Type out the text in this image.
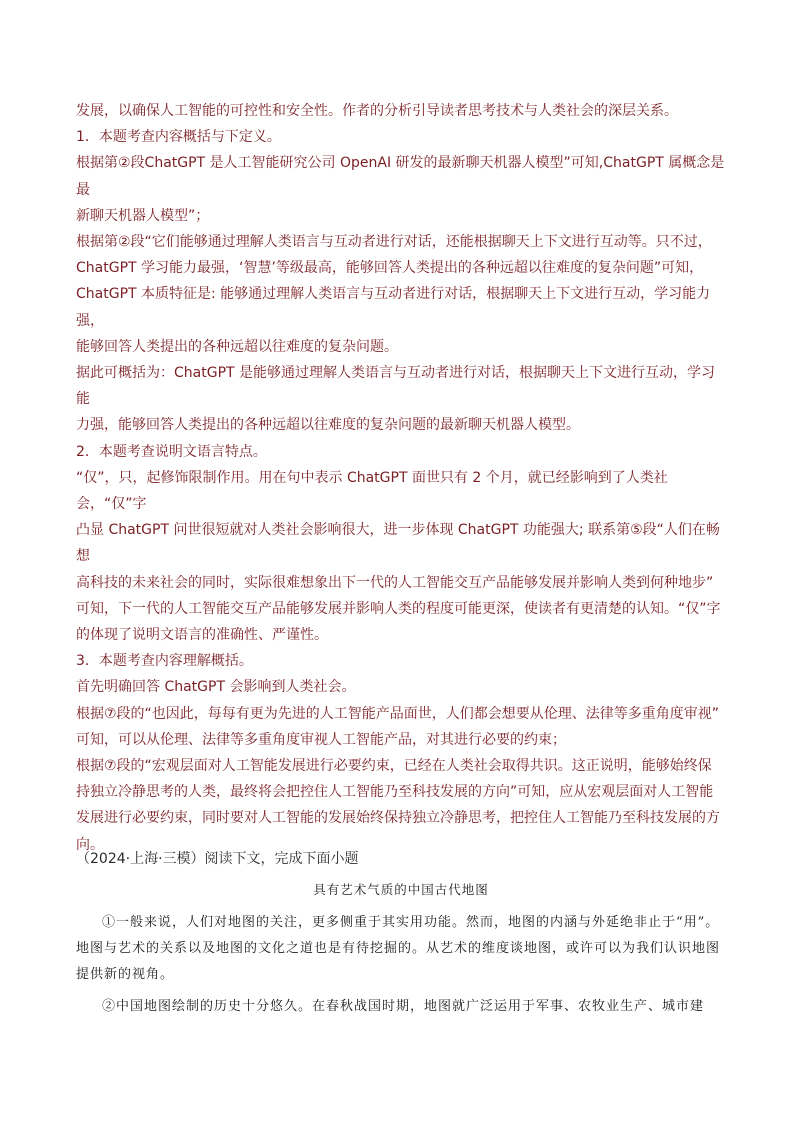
发展，以确保人工智能的可控性和安全性。作者的分析引导读者思考技术与人类社会的深层关系。

1．本题考查内容概括与下定义。

根据第②段ChatGPT 是人工智能研究公司 OpenAI 研发的最新聊天机器人模型”可知,ChatGPT 属概念是最

新聊天机器人模型”；

根据第②段“它们能够通过理解人类语言与互动者进行对话，还能根据聊天上下文进行互动等。只不过，

ChatGPT 学习能力最强，‘智慧’等级最高，能够回答人类提出的各种远超以往难度的复杂问题”可知，

ChatGPT 本质特征是: 能够通过理解人类语言与互动者进行对话，根据聊天上下文进行互动，学习能力强，

能够回答人类提出的各种远超以往难度的复杂问题。

据此可概括为：ChatGPT 是能够通过理解人类语言与互动者进行对话，根据聊天上下文进行互动，学习能

力强，能够回答人类提出的各种远超以往难度的复杂问题的最新聊天机器人模型。

2．本题考查说明文语言特点。

“仅”，只，起修饰限制作用。用在句中表示 ChatGPT 面世只有 2 个月，就已经影响到了人类社会，“仅”字

凸显 ChatGPT 问世很短就对人类社会影响很大，进一步体现 ChatGPT 功能强大; 联系第⑤段“人们在畅想

高科技的未来社会的同时，实际很难想象出下一代的人工智能交互产品能够发展并影响人类到何种地步”

可知，下一代的人工智能交互产品能够发展并影响人类的程度可能更深，使读者有更清楚的认知。“仅”字

的体现了说明文语言的准确性、严谨性。

3．本题考查内容理解概括。

首先明确回答 ChatGPT 会影响到人类社会。

根据⑦段的“也因此，每每有更为先进的人工智能产品面世，人们都会想要从伦理、法律等多重角度审视”

可知，可以从伦理、法律等多重角度审视人工智能产品，对其进行必要的约束；

根据⑦段的“宏观层面对人工智能发展进行必要约束，已经在人类社会取得共识。这正说明，能够始终保

持独立冷静思考的人类，最终将会把控住人工智能乃至科技发展的方向”可知，应从宏观层面对人工智能

发展进行必要约束，同时要对人工智能的发展始终保持独立冷静思考，把控住人工智能乃至科技发展的方

向。

（2024·上海·三模）阅读下文，完成下面小题
具有艺术气质的中国古代地图

①一般来说，人们对地图的关注，更多侧重于其实用功能。然而，地图的内涵与外延绝非止于“用”。地图与艺术的关系以及地图的文化之道也是有待挖掘的。从艺术的维度谈地图，或许可以为我们认识地图提供新的视角。

②中国地图绘制的历史十分悠久。在春秋战国时期，地图就广泛运用于军事、农牧业生产、城市建
